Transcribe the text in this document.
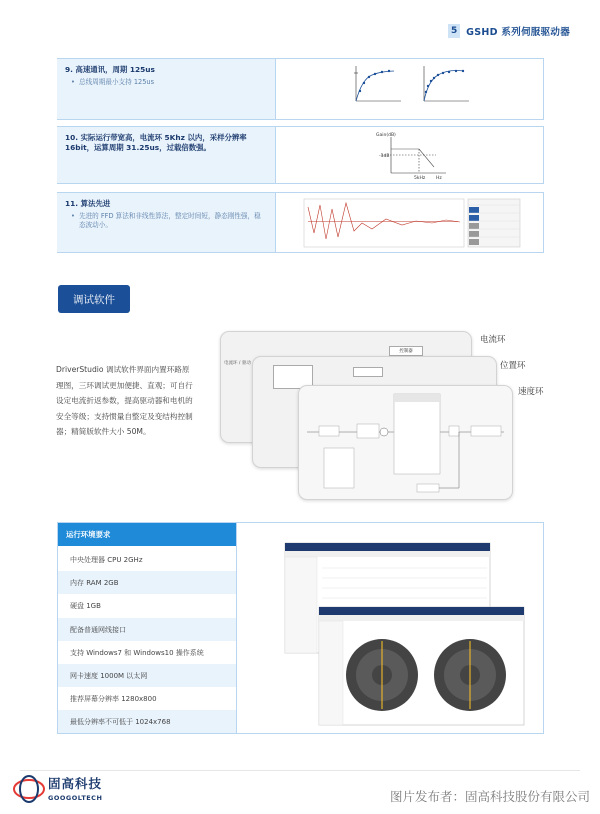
5 GSHD 系列伺服驱动器
9. 高速通讯，周期 125us
• 总线周期最小支持 125us
10. 实际运行带宽高，电流环 5Khz 以内，采样分辨率 16bit，运算周期 31.25us，过载倍数强。
Gain(dB)
-3dB
5kHz Hz
11. 算法先进
• 先进的 FFD 算法和非线性算法，整定时间短，静态刚性强，稳态波动小。
调试软件
DriverStudio 调试软件界面内置环路原理图，三环调试更加便捷、直观；可自行设定电流折返参数，提高驱动器和电机的安全等级；支持惯量自整定及变结构控制器；精简版软件大小 50M。
电流环 / 驱动
控制器
电流环
位置环
速度环
运行环境要求
中央处理器 CPU 2GHz
内存 RAM 2GB
硬盘 1GB
配备普通网线接口
支持 Windows7 和 Windows10 操作系统
网卡速度 1000M 以太网
推荐屏幕分辨率 1280x800
最低分辨率不可低于 1024x768
固高科技
GOOGOLTECH	图片发布者：固高科技股份有限公司
